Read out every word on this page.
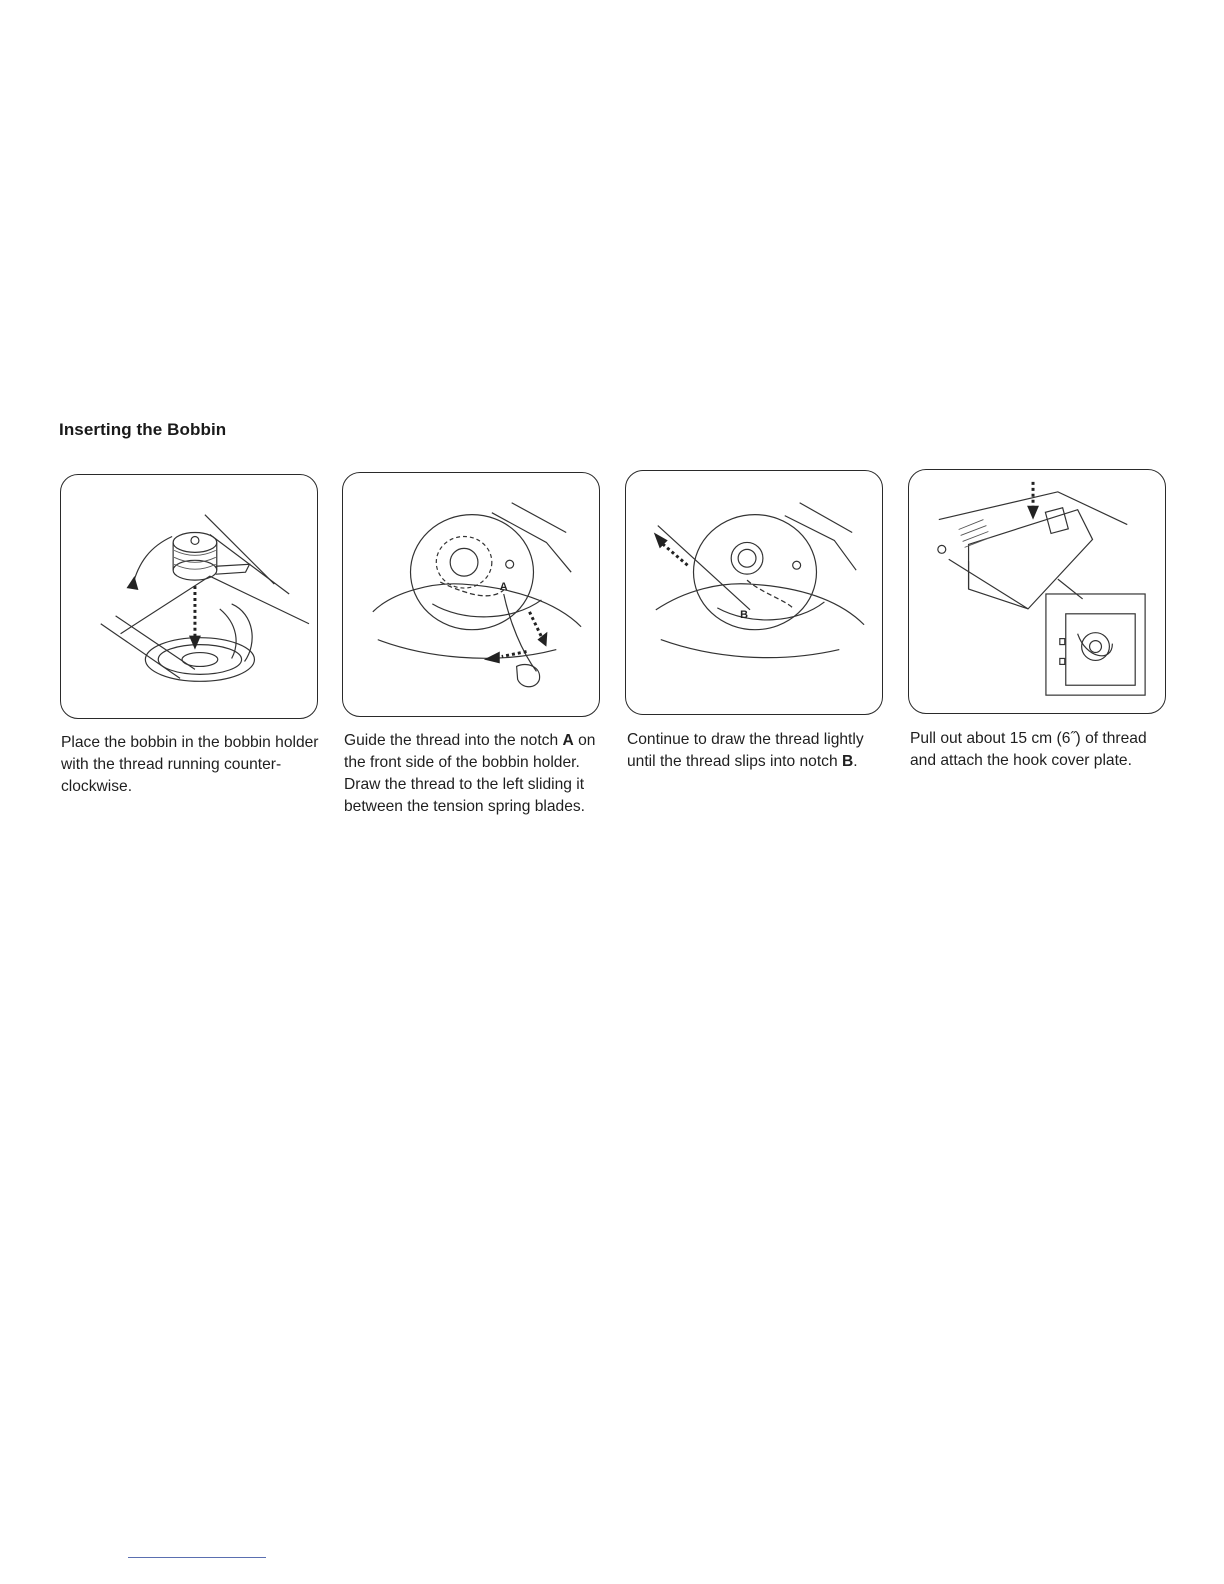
Inserting the Bobbin
A
B

Place the bobbin in the bobbin holder with the thread running counter-clockwise.

Guide the thread into the notch A on the front side of the bobbin holder. Draw the thread to the left sliding it between the tension spring blades.

Continue to draw the thread lightly until the thread slips into notch B.

Pull out about 15 cm (6˝) of thread and attach the hook cover plate.
